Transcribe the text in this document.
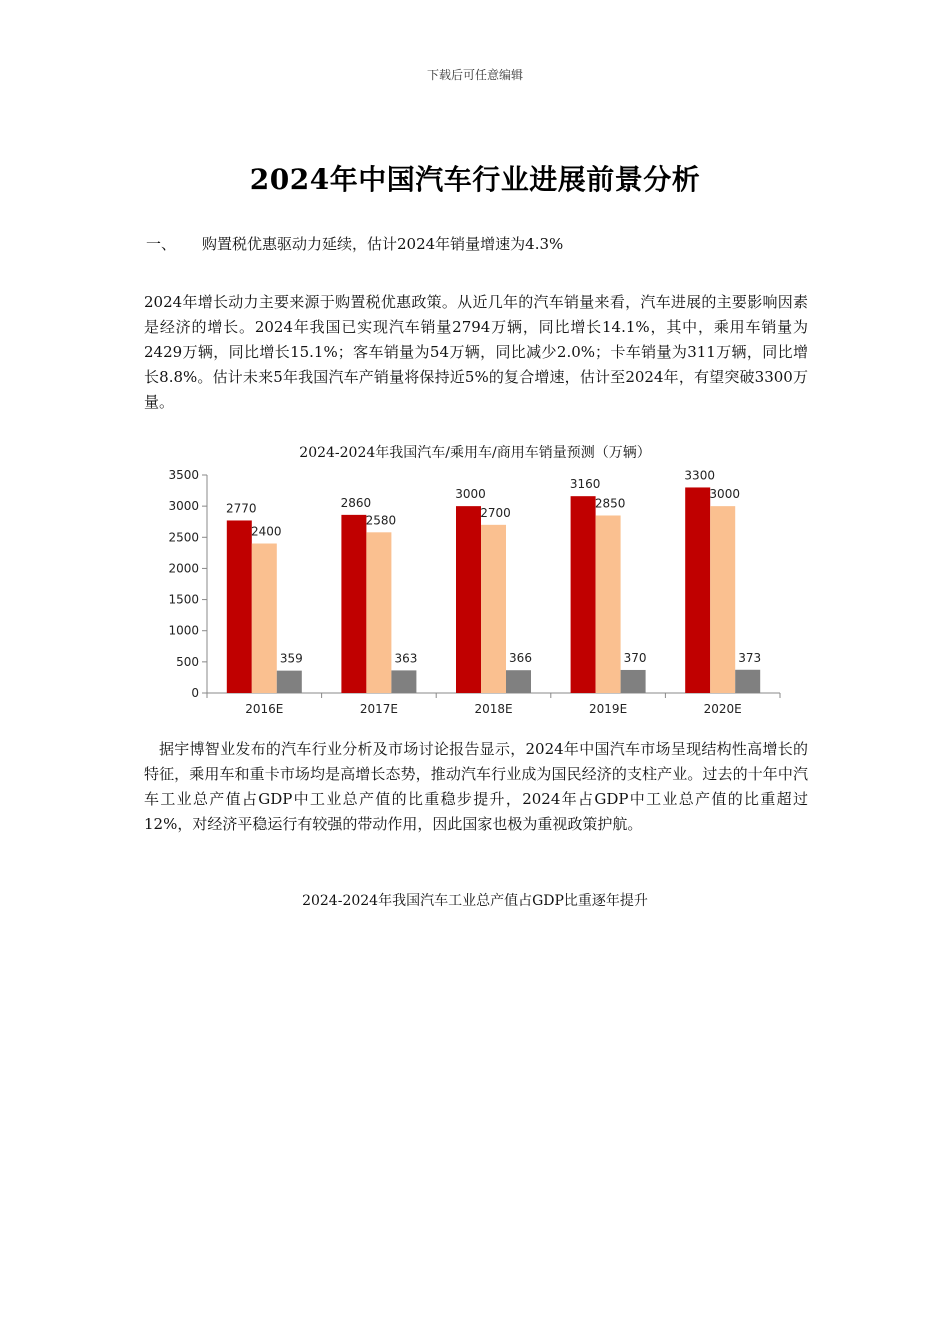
下载后可任意编辑
2024年中国汽车行业进展前景分析
一、 购置税优惠驱动力延续，估计2024年销量增速为4.3%
2024年增长动力主要来源于购置税优惠政策。从近几年的汽车销量来看，汽车进展的主要影响因素是经济的增长。2024年我国已实现汽车销量2794万辆，同比增长14.1%，其中，乘用车销量为2429万辆，同比增长15.1%；客车销量为54万辆，同比减少2.0%；卡车销量为311万辆，同比增长8.8%。估计未来5年我国汽车产销量将保持近5%的复合增速，估计至2024年，有望突破3300万量。
2024-2024年我国汽车/乘用车/商用车销量预测（万辆）
0
500
1000
1500
2000
2500
3000
3500
2016E	2017E	2018E	2019E	2020E
2770
2400
359
2860
2580
363
3000
2700
366
3160
2850
370
3300
3000
373
据宇博智业发布的汽车行业分析及市场讨论报告显示，2024年中国汽车市场呈现结构性高增长的特征，乘用车和重卡市场均是高增长态势，推动汽车行业成为国民经济的支柱产业。过去的十年中汽车工业总产值占GDP中工业总产值的比重稳步提升，2024年占GDP中工业总产值的比重超过12%，对经济平稳运行有较强的带动作用，因此国家也极为重视政策护航。
2024-2024年我国汽车工业总产值占GDP比重逐年提升
